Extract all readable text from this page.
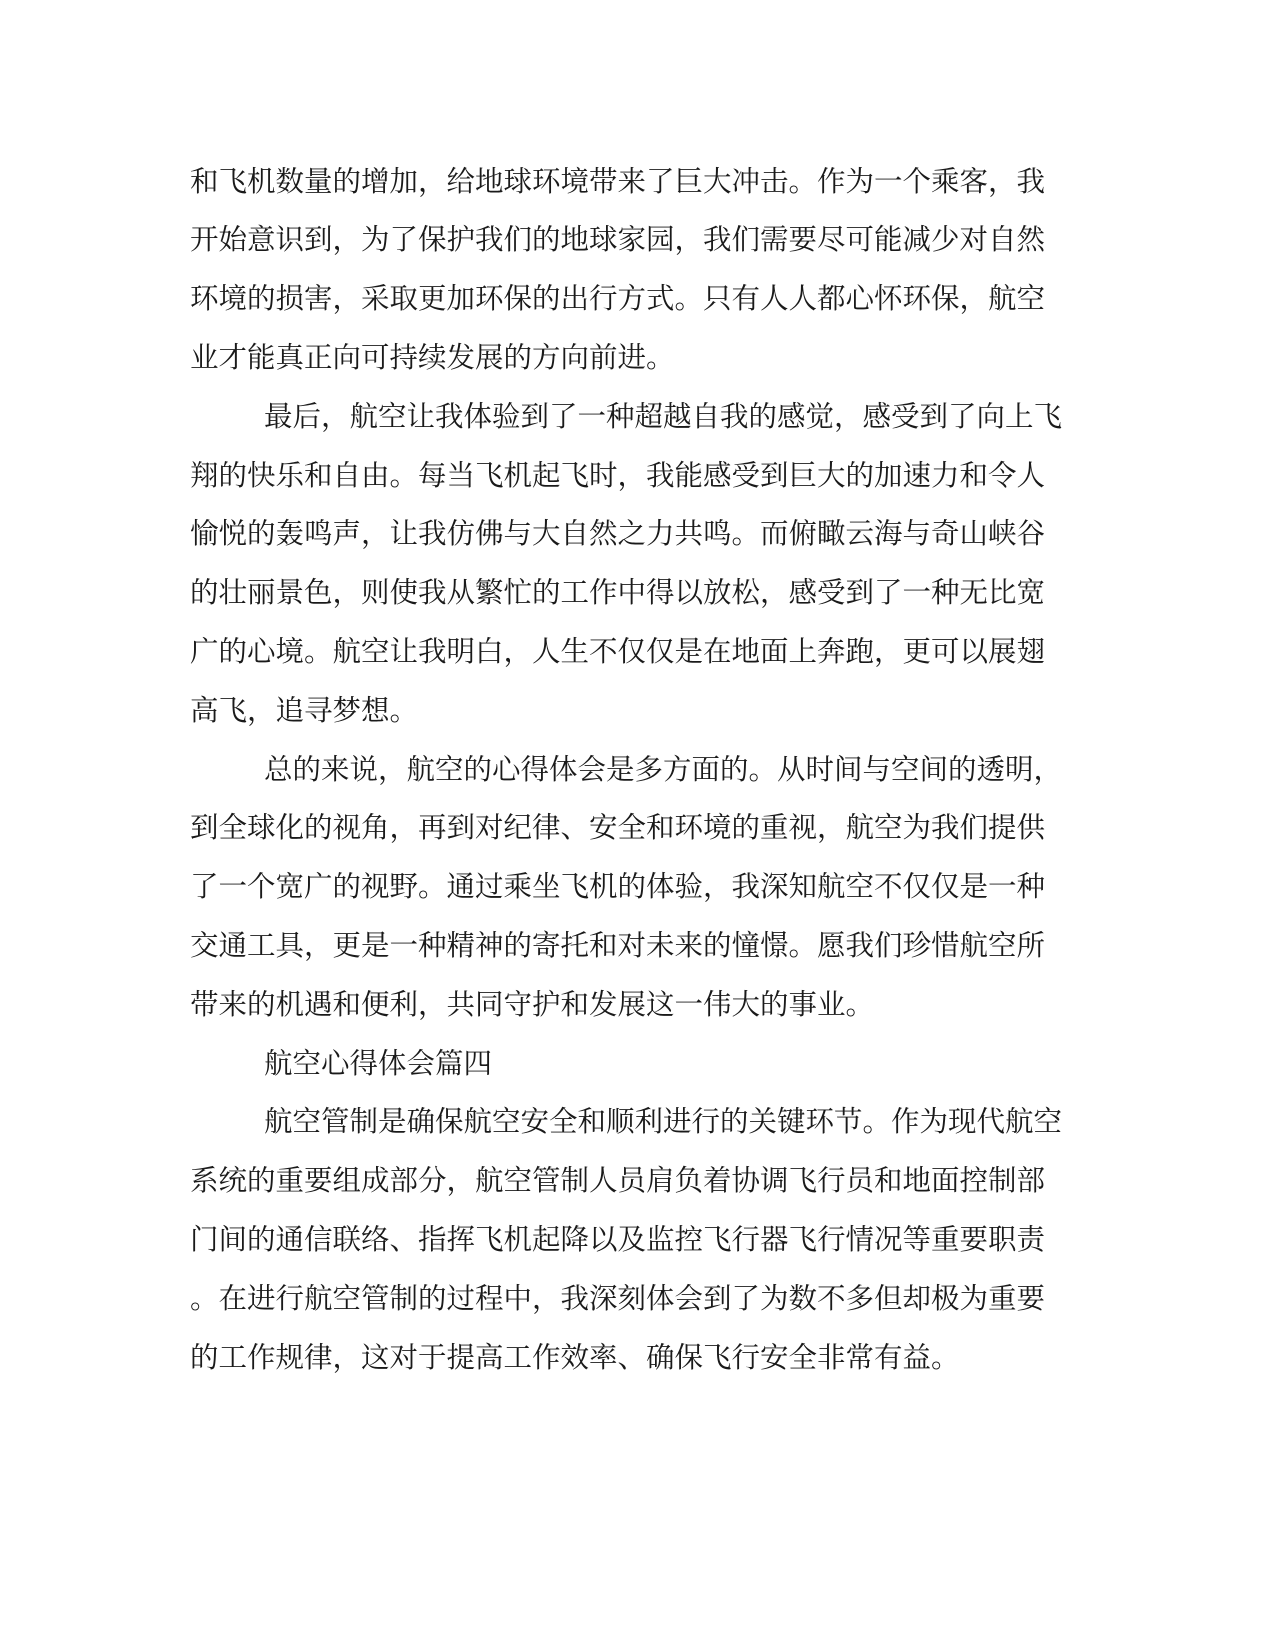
和飞机数量的增加，给地球环境带来了巨大冲击。作为一个乘客，我

开始意识到，为了保护我们的地球家园，我们需要尽可能减少对自然

环境的损害，采取更加环保的出行方式。只有人人都心怀环保，航空

业才能真正向可持续发展的方向前进。

最后，航空让我体验到了一种超越自我的感觉，感受到了向上飞

翔的快乐和自由。每当飞机起飞时，我能感受到巨大的加速力和令人

愉悦的轰鸣声，让我仿佛与大自然之力共鸣。而俯瞰云海与奇山峡谷

的壮丽景色，则使我从繁忙的工作中得以放松，感受到了一种无比宽

广的心境。航空让我明白，人生不仅仅是在地面上奔跑，更可以展翅

高飞，追寻梦想。

总的来说，航空的心得体会是多方面的。从时间与空间的透明，

到全球化的视角，再到对纪律、安全和环境的重视，航空为我们提供

了一个宽广的视野。通过乘坐飞机的体验，我深知航空不仅仅是一种

交通工具，更是一种精神的寄托和对未来的憧憬。愿我们珍惜航空所

带来的机遇和便利，共同守护和发展这一伟大的事业。

航空心得体会篇四

航空管制是确保航空安全和顺利进行的关键环节。作为现代航空

系统的重要组成部分，航空管制人员肩负着协调飞行员和地面控制部

门间的通信联络、指挥飞机起降以及监控飞行器飞行情况等重要职责

。在进行航空管制的过程中，我深刻体会到了为数不多但却极为重要

的工作规律，这对于提高工作效率、确保飞行安全非常有益。
